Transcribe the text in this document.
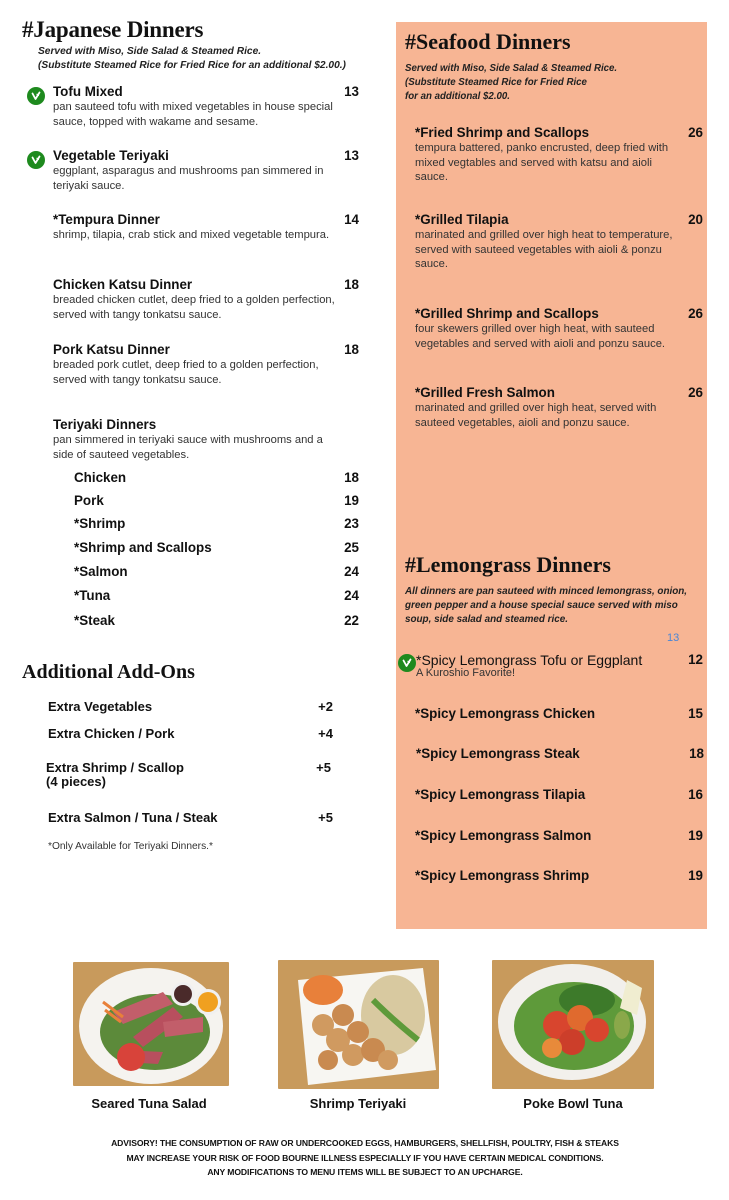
#Japanese Dinners
Served with Miso, Side Salad & Steamed Rice.
(Substitute Steamed Rice for Fried Rice for an additional $2.00.)
Tofu Mixed	13
pan sauteed tofu with mixed vegetables in house special sauce, topped with wakame and sesame.
Vegetable Teriyaki	13
eggplant, asparagus and mushrooms pan simmered in teriyaki sauce.
*Tempura Dinner	14
shrimp, tilapia, crab stick and mixed vegetable tempura.
Chicken Katsu Dinner	18
breaded chicken cutlet, deep fried to a golden perfection, served with tangy tonkatsu sauce.
Pork Katsu Dinner	18
breaded pork cutlet, deep fried to a golden perfection, served with tangy tonkatsu sauce.
Teriyaki Dinners
pan simmered in teriyaki sauce with mushrooms and a side of sauteed vegetables.
Chicken	18
Pork	19
*Shrimp	23
*Shrimp and Scallops	25
*Salmon	24
*Tuna	24
*Steak	22
Additional Add-Ons
Extra Vegetables	+2
Extra Chicken / Pork	+4
Extra Shrimp / Scallop
(4 pieces)
+5
Extra Salmon / Tuna / Steak	+5
*Only Available for Teriyaki Dinners.*
#Seafood Dinners
Served with Miso, Side Salad & Steamed Rice.
(Substitute Steamed Rice for Fried Rice
for an additional $2.00.
*Fried Shrimp and Scallops	26
tempura battered, panko encrusted, deep fried with mixed vegtables and served with katsu and aioli sauce.
*Grilled Tilapia	20
marinated and grilled over high heat to temperature, served with sauteed vegetables with aioli & ponzu sauce.
*Grilled Shrimp and Scallops	26
four skewers grilled over high heat, with sauteed vegetables and served with aioli and ponzu sauce.
*Grilled Fresh Salmon	26
marinated and grilled over high heat, served with sauteed vegetables, aioli and ponzu sauce.
#Lemongrass Dinners
All dinners are pan sauteed with minced lemongrass, onion, green pepper and a house special sauce served with miso soup, side salad and steamed rice.
13
*Spicy Lemongrass Tofu or Eggplant	12
A Kuroshio Favorite!
*Spicy Lemongrass Chicken	15
*Spicy Lemongrass Steak	18
*Spicy Lemongrass Tilapia	16
*Spicy Lemongrass Salmon	19
*Spicy Lemongrass Shrimp	19
Seared Tuna Salad	Shrimp Teriyaki	Poke Bowl Tuna
ADVISORY! THE CONSUMPTION OF RAW OR UNDERCOOKED EGGS, HAMBURGERS, SHELLFISH, POULTRY, FISH & STEAKS
MAY INCREASE YOUR RISK OF FOOD BOURNE ILLNESS ESPECIALLY IF YOU HAVE CERTAIN MEDICAL CONDITIONS.
ANY MODIFICATIONS TO MENU ITEMS WILL BE SUBJECT TO AN UPCHARGE.
